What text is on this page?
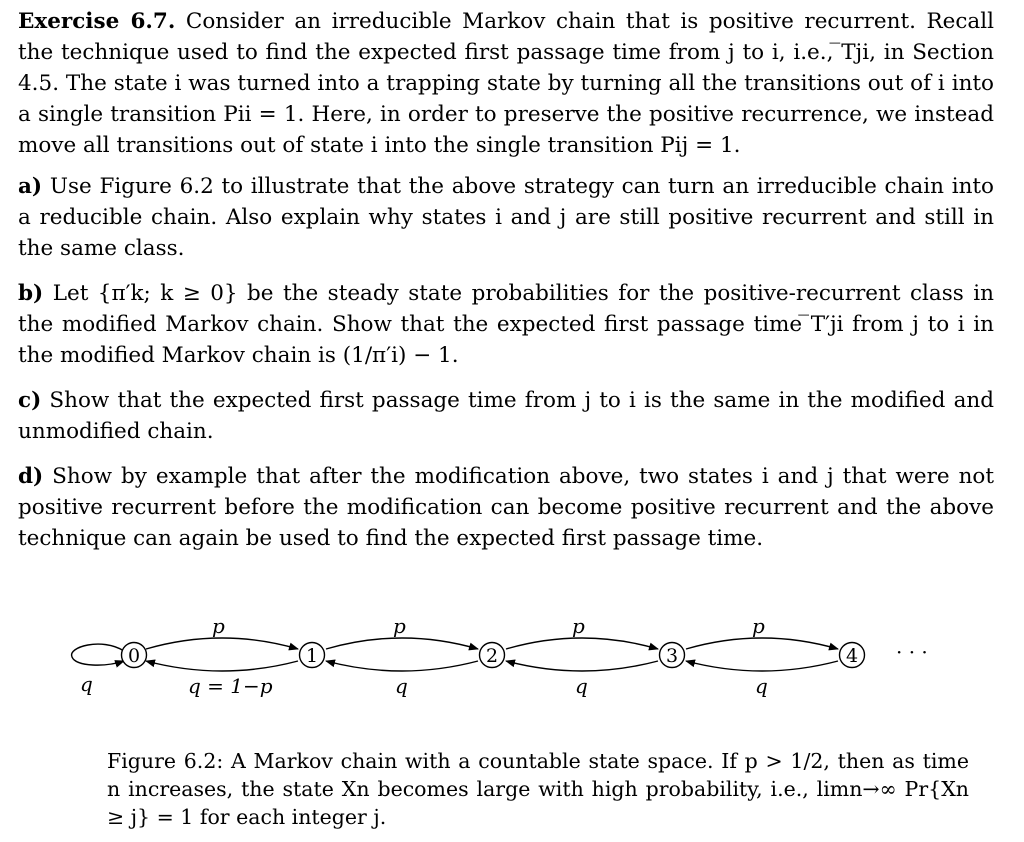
Exercise 6.7. Consider an irreducible Markov chain that is positive recurrent. Recall the technique used to find the expected first passage time from j to i, i.e., ̅Tji, in Section 4.5. The state i was turned into a trapping state by turning all the transitions out of i into a single transition Pii = 1. Here, in order to preserve the positive recurrence, we instead move all transitions out of state i into the single transition Pij = 1.

a) Use Figure 6.2 to illustrate that the above strategy can turn an irreducible chain into a reducible chain. Also explain why states i and j are still positive recurrent and still in the same class.

b) Let {π′k; k ≥ 0} be the steady state probabilities for the positive-recurrent class in the modified Markov chain. Show that the expected first passage time ̅T′ji from j to i in the modified Markov chain is (1/π′i) − 1.

c) Show that the expected first passage time from j to i is the same in the modified and unmodified chain.

d) Show by example that after the modification above, two states i and j that were not positive recurrent before the modification can become positive recurrent and the above technique can again be used to find the expected first passage time.

q
p	p	p	p
q = 1−p	q	q	q
0	1	2	3	4 · · ·
Figure 6.2: A Markov chain with a countable state space. If p > 1/2, then as time n increases, the state Xn becomes large with high probability, i.e., limn→∞ Pr{Xn ≥ j} = 1 for each integer j.
